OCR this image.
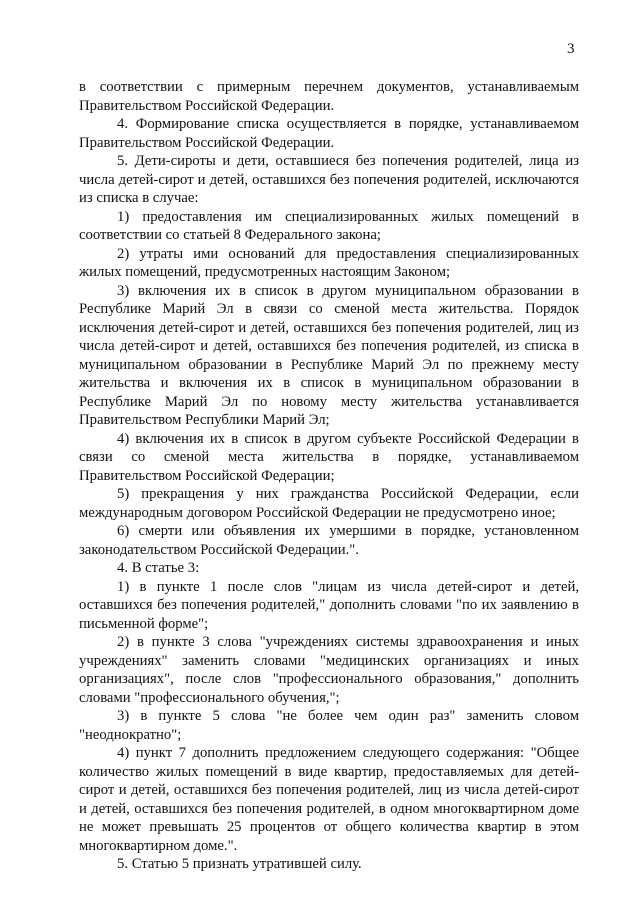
3

в соответствии с примерным перечнем документов, устанавливаемым Правительством Российской Федерации.

4. Формирование списка осуществляется в порядке, устанавливаемом Правительством Российской Федерации.

5. Дети-сироты и дети, оставшиеся без попечения родителей, лица из числа детей-сирот и детей, оставшихся без попечения родителей, исключаются из списка в случае:

1) предоставления им специализированных жилых помещений в соответствии со статьей 8 Федерального закона;

2) утраты ими оснований для предоставления специализированных жилых помещений, предусмотренных настоящим Законом;

3) включения их в список в другом муниципальном образовании в Республике Марий Эл в связи со сменой места жительства. Порядок исключения детей-сирот и детей, оставшихся без попечения родителей, лиц из числа детей-сирот и детей, оставшихся без попечения родителей, из списка в муниципальном образовании в Республике Марий Эл по прежнему месту жительства и включения их в список в муниципальном образовании в Республике Марий Эл по новому месту жительства устанавливается Правительством Республики Марий Эл;

4) включения их в список в другом субъекте Российской Федерации в связи со сменой места жительства в порядке, устанавливаемом Правительством Российской Федерации;

5) прекращения у них гражданства Российской Федерации, если международным договором Российской Федерации не предусмотрено иное;

6) смерти или объявления их умершими в порядке, установленном законодательством Российской Федерации.".

4. В статье 3:

1) в пункте 1 после слов "лицам из числа детей-сирот и детей, оставшихся без попечения родителей," дополнить словами "по их заявлению в письменной форме";

2) в пункте 3 слова "учреждениях системы здравоохранения и иных учреждениях" заменить словами "медицинских организациях и иных организациях", после слов "профессионального образования," дополнить словами "профессионального обучения,";

3) в пункте 5 слова "не более чем один раз" заменить словом "неоднократно";

4) пункт 7 дополнить предложением следующего содержания: "Общее количество жилых помещений в виде квартир, предоставляемых для детей-сирот и детей, оставшихся без попечения родителей, лиц из числа детей-сирот и детей, оставшихся без попечения родителей, в одном многоквартирном доме не может превышать 25 процентов от общего количества квартир в этом многоквартирном доме.".

5. Статью 5 признать утратившей силу.
